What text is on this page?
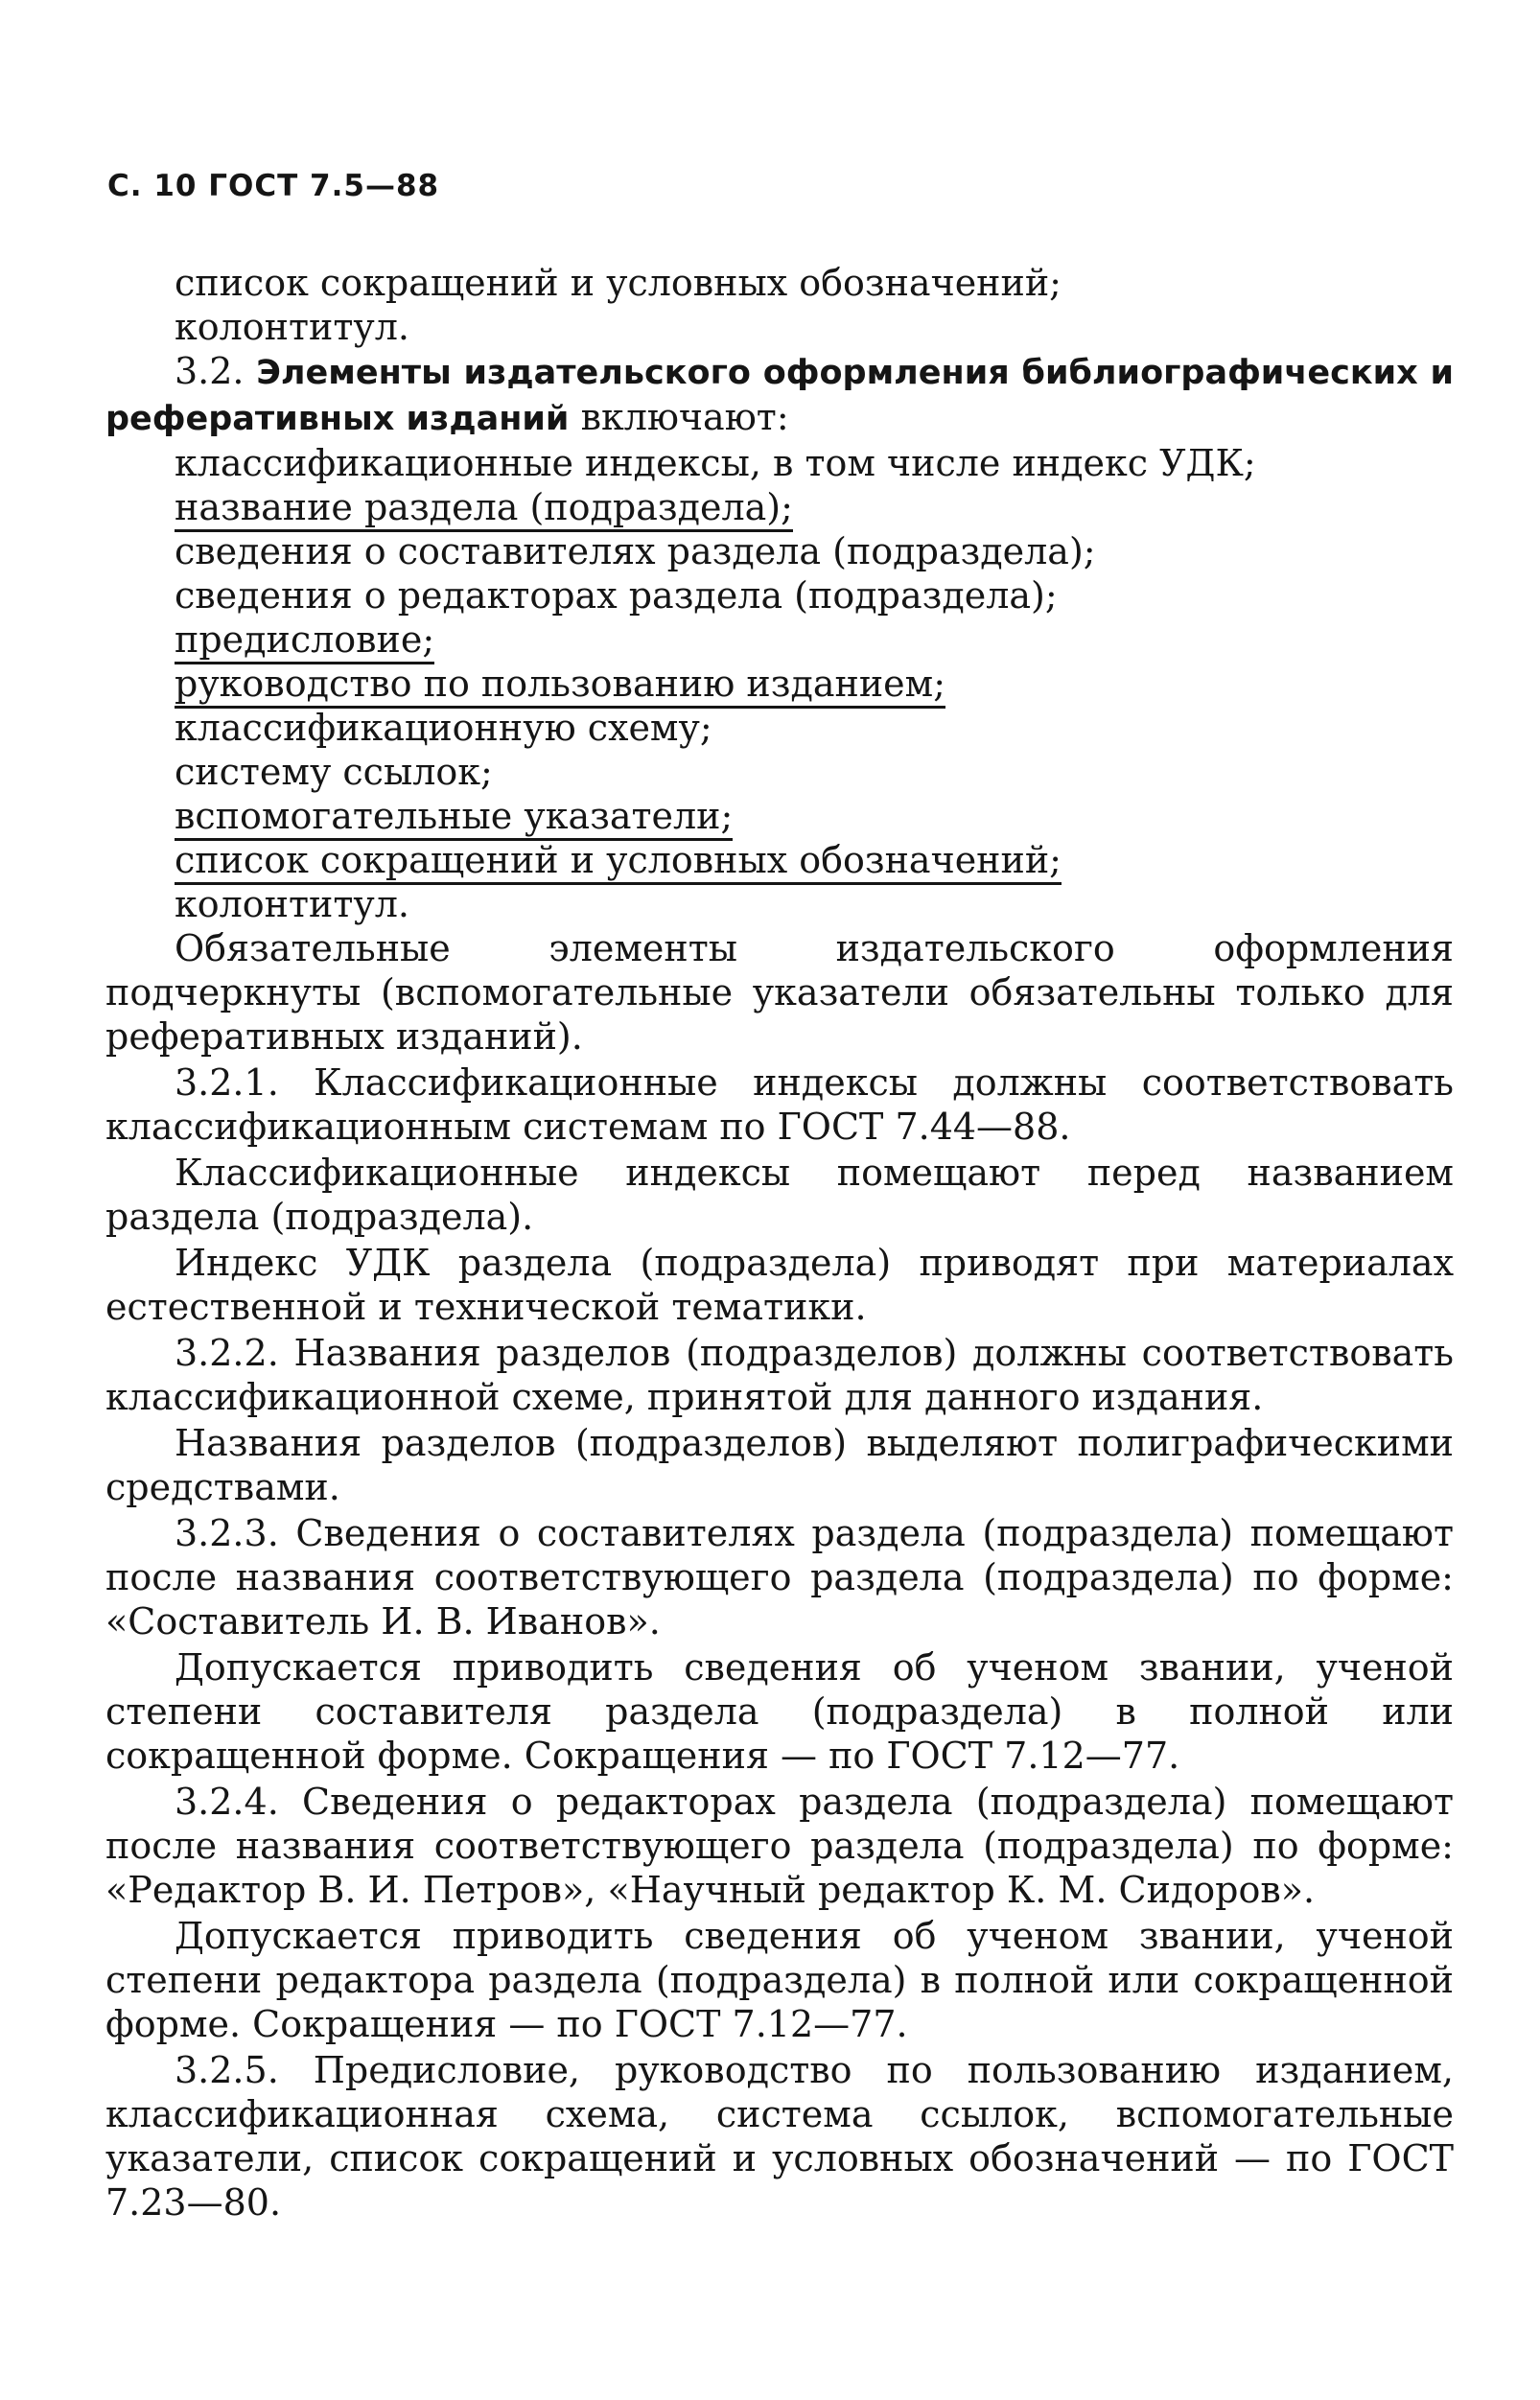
С. 10 ГОСТ 7.5—88
список сокращений и условных обозначений;
колонтитул.

3.2. Элементы издательского оформления библиографических и реферативных изданий включают:

классификационные индексы, в том числе индекс УДК;
название раздела (подраздела);
сведения о составителях раздела (подраздела);
сведения о редакторах раздела (подраздела);
предисловие;
руководство по пользованию изданием;
классификационную схему;
систему ссылок;
вспомогательные указатели;
список сокращений и условных обозначений;
колонтитул.

Обязательные элементы издательского оформления подчеркнуты (вспомогательные указатели обязательны только для реферативных изданий).

3.2.1. Классификационные индексы должны соответствовать классификационным системам по ГОСТ 7.44—88.

Классификационные индексы помещают перед названием раздела (подраздела).

Индекс УДК раздела (подраздела) приводят при материалах естественной и технической тематики.

3.2.2. Названия разделов (подразделов) должны соответствовать классификационной схеме, принятой для данного издания.

Названия разделов (подразделов) выделяют полиграфическими средствами.

3.2.3. Сведения о составителях раздела (подраздела) помещают после названия соответствующего раздела (подраздела) по форме: «Составитель И. В. Иванов».

Допускается приводить сведения об ученом звании, ученой степени составителя раздела (подраздела) в полной или сокращенной форме. Сокращения — по ГОСТ 7.12—77.

3.2.4. Сведения о редакторах раздела (подраздела) помещают после названия соответствующего раздела (подраздела) по форме: «Редактор В. И. Петров», «Научный редактор К. М. Сидоров».

Допускается приводить сведения об ученом звании, ученой степени редактора раздела (подраздела) в полной или сокращенной форме. Сокращения — по ГОСТ 7.12—77.

3.2.5. Предисловие, руководство по пользованию изданием, классификационная схема, система ссылок, вспомогательные указатели, список сокращений и условных обозначений — по ГОСТ 7.23—80.
